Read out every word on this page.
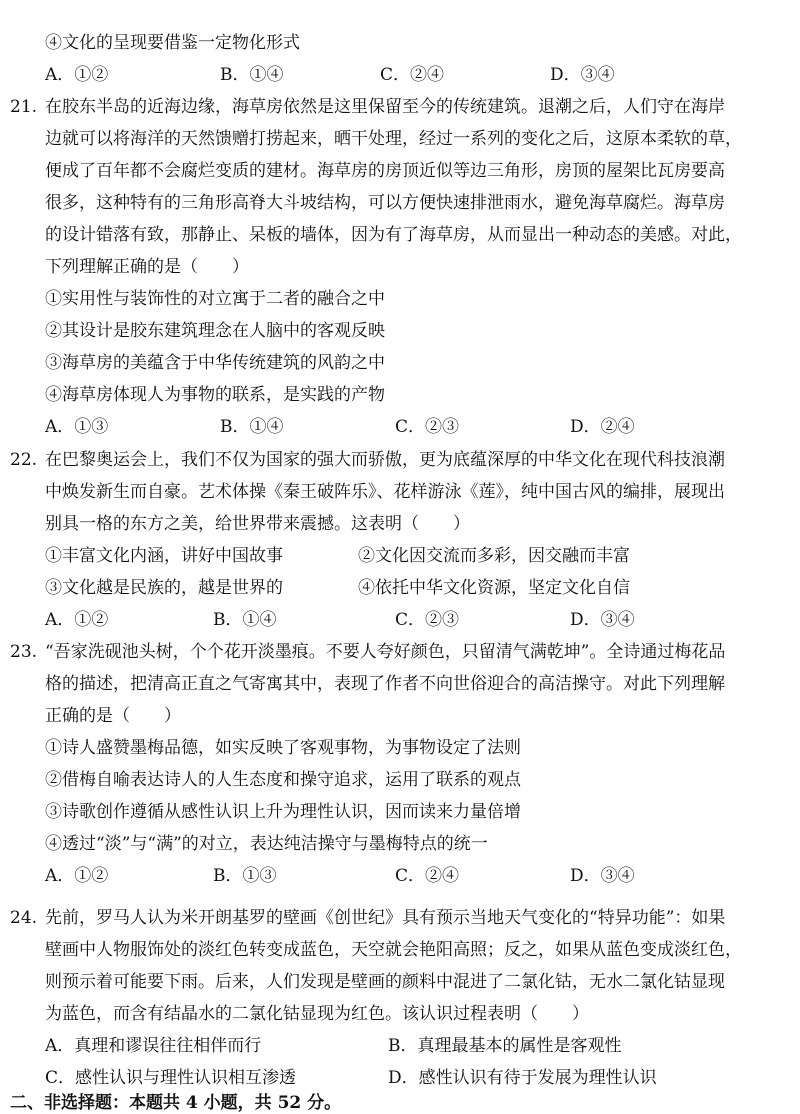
④文化的呈现要借鉴一定物化形式
A．①②	B．①④	C．②④	D．③④
21. 在胶东半岛的近海边缘，海草房依然是这里保留至今的传统建筑。退潮之后，人们守在海岸
边就可以将海洋的天然馈赠打捞起来，晒干处理，经过一系列的变化之后，这原本柔软的草，
便成了百年都不会腐烂变质的建材。海草房的房顶近似等边三角形，房顶的屋架比瓦房要高
很多，这种特有的三角形高脊大斗坡结构，可以方便快速排泄雨水，避免海草腐烂。海草房
的设计错落有致，那静止、呆板的墙体，因为有了海草房，从而显出一种动态的美感。对此，
下列理解正确的是（　　）
①实用性与装饰性的对立寓于二者的融合之中
②其设计是胶东建筑理念在人脑中的客观反映
③海草房的美蕴含于中华传统建筑的风韵之中
④海草房体现人为事物的联系，是实践的产物
A．①③	B．①④	C．②③	D．②④
22. 在巴黎奥运会上，我们不仅为国家的强大而骄傲，更为底蕴深厚的中华文化在现代科技浪潮
中焕发新生而自豪。艺术体操《秦王破阵乐》、花样游泳《莲》，纯中国古风的编排，展现出
别具一格的东方之美，给世界带来震撼。这表明（　　）
①丰富文化内涵，讲好中国故事	②文化因交流而多彩，因交融而丰富
③文化越是民族的，越是世界的	④依托中华文化资源，坚定文化自信
A．①②	B．①④	C．②③	D．③④
23. “吾家洗砚池头树，个个花开淡墨痕。不要人夸好颜色，只留清气满乾坤”。全诗通过梅花品
格的描述，把清高正直之气寄寓其中，表现了作者不向世俗迎合的高洁操守。对此下列理解
正确的是（　　）
①诗人盛赞墨梅品德，如实反映了客观事物，为事物设定了法则
②借梅自喻表达诗人的人生态度和操守追求，运用了联系的观点
③诗歌创作遵循从感性认识上升为理性认识，因而读来力量倍增
④透过“淡”与“满”的对立，表达纯洁操守与墨梅特点的统一
A．①②	B．①③	C．②④	D．③④
24. 先前，罗马人认为米开朗基罗的壁画《创世纪》具有预示当地天气变化的“特异功能”：如果
壁画中人物服饰处的淡红色转变成蓝色，天空就会艳阳高照；反之，如果从蓝色变成淡红色，
则预示着可能要下雨。后来，人们发现是壁画的颜料中混进了二氯化钴，无水二氯化钴显现
为蓝色，而含有结晶水的二氯化钴显现为红色。该认识过程表明（　　）
A．真理和谬误往往相伴而行	B．真理最基本的属性是客观性
C．感性认识与理性认识相互渗透	D．感性认识有待于发展为理性认识
二、非选择题：本题共 4 小题，共 52 分。
